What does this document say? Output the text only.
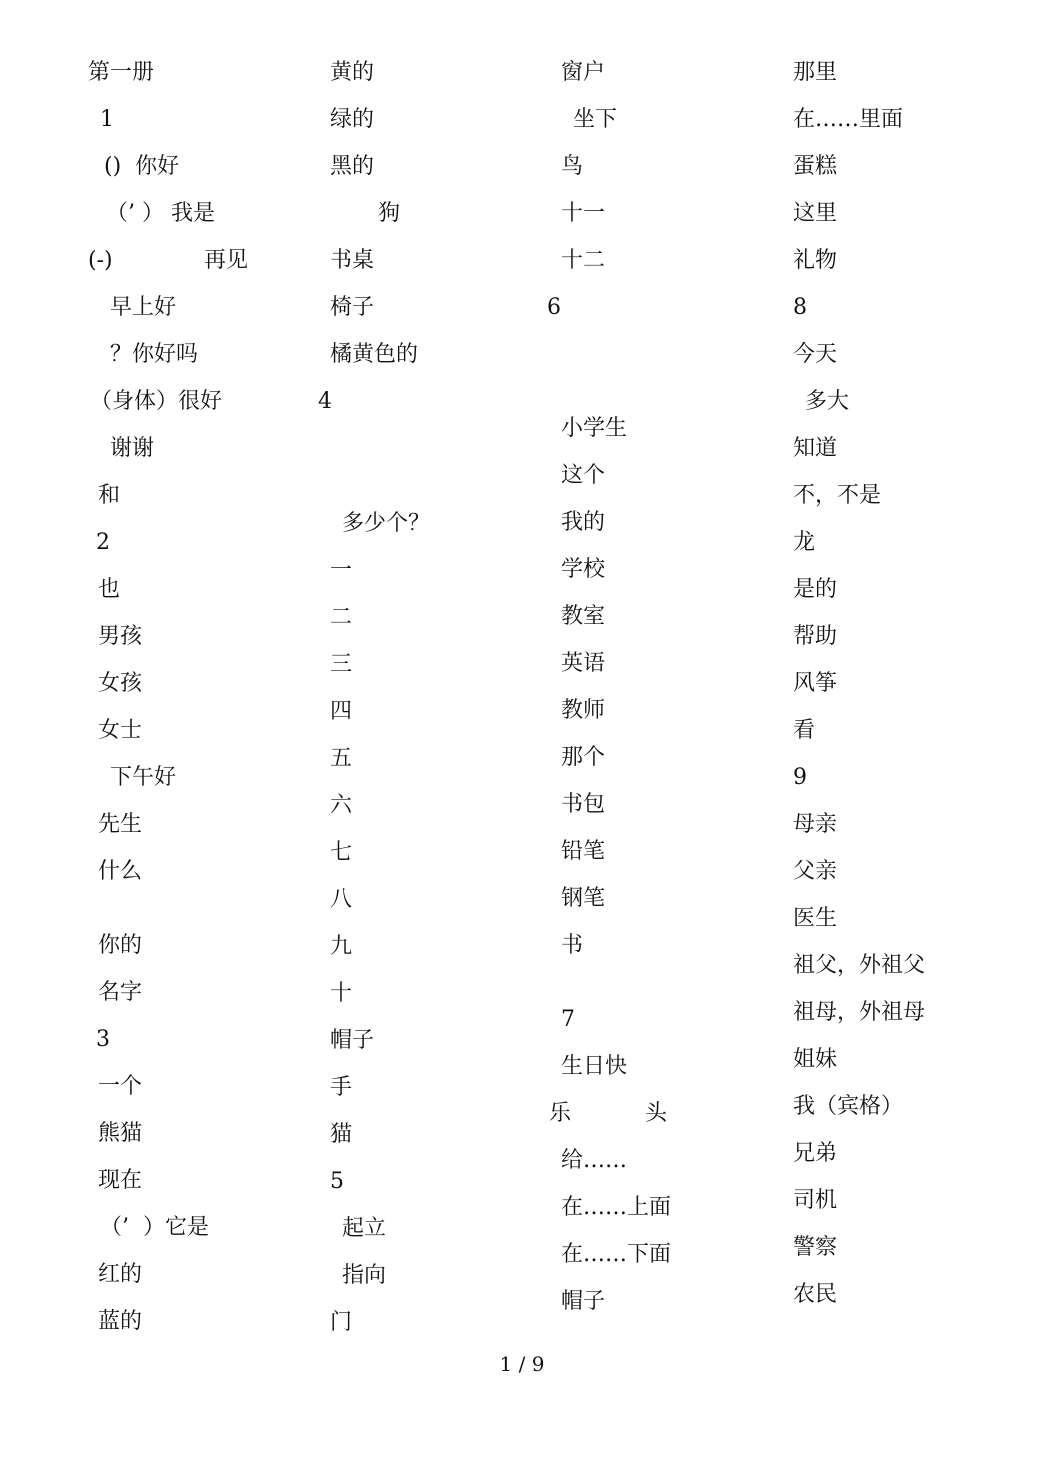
第一册

1

()  你好

（’ ） 我是

(-)

早上好

？你好吗

（身体）很好

谢谢

和

2

也

男孩

女孩

女士

下午好

先生

什么

你的

名字

3

一个

熊猫

现在

（’  ）它是

红的

蓝的

再见

黄的

绿的

黑的

狗

书桌

椅子

橘黄色的

4

多少个？

一

二

三

四

五

六

七

八

九

十

帽子

手

猫

5

起立

指向

门

窗户

坐下

鸟

十一

十二

6

小学生

这个

我的

学校

教室

英语

教师

那个

书包

铅笔

钢笔

书

7

生日快

乐

给……

在……上面

在……下面

帽子

头

那里

在……里面

蛋糕

这里

礼物

8

今天

多大

知道

不，不是

龙

是的

帮助

风筝

看

9

母亲

父亲

医生

祖父，外祖父

祖母，外祖母

姐妹

我（宾格）

兄弟

司机

警察

农民

1 / 9
